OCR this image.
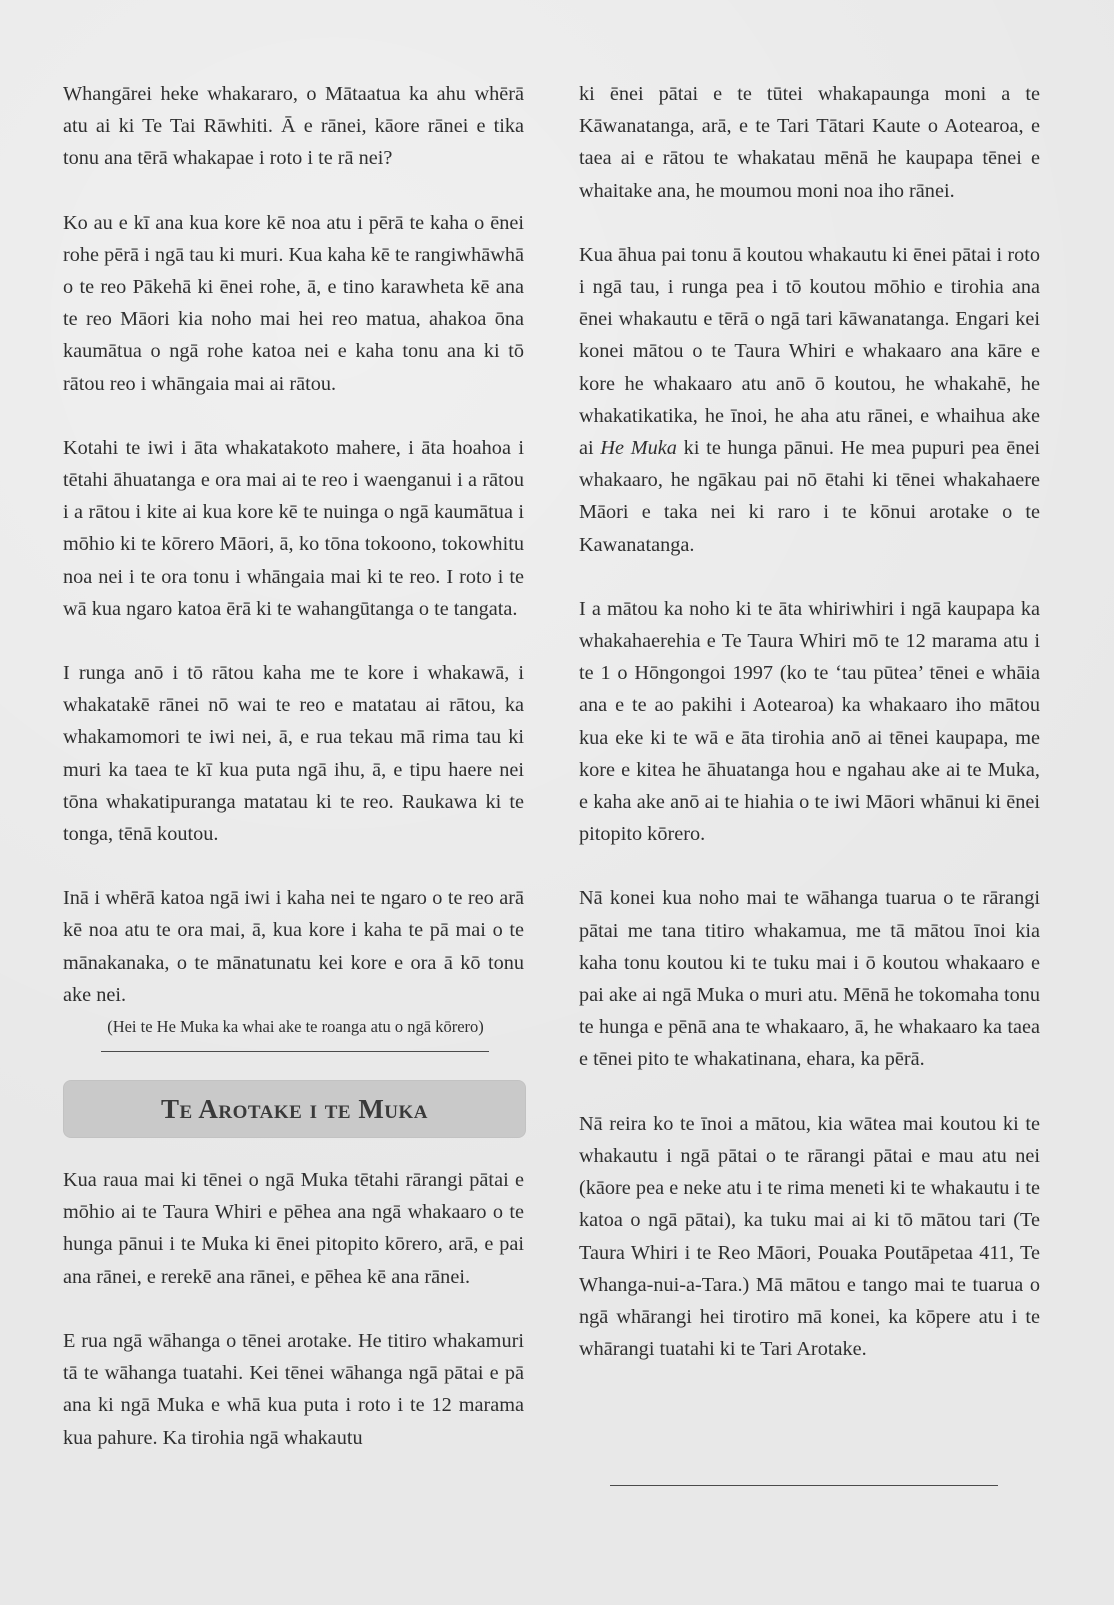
Whangārei heke whakararo, o Mātaatua ka ahu whērā atu ai ki Te Tai Rāwhiti. Ā e rānei, kāore rānei e tika tonu ana tērā whakapae i roto i te rā nei?

Ko au e kī ana kua kore kē noa atu i pērā te kaha o ēnei rohe pērā i ngā tau ki muri. Kua kaha kē te rangiwhāwhā o te reo Pākehā ki ēnei rohe, ā, e tino karawheta kē ana te reo Māori kia noho mai hei reo matua, ahakoa ōna kaumātua o ngā rohe katoa nei e kaha tonu ana ki tō rātou reo i whāngaia mai ai rātou.

Kotahi te iwi i āta whakatakoto mahere, i āta hoahoa i tētahi āhuatanga e ora mai ai te reo i waenganui i a rātou i a rātou i kite ai kua kore kē te nuinga o ngā kaumātua i mōhio ki te kōrero Māori, ā, ko tōna tokoono, tokowhitu noa nei i te ora tonu i whāngaia mai ki te reo. I roto i te wā kua ngaro katoa ērā ki te wahangūtanga o te tangata.

I runga anō i tō rātou kaha me te kore i whakawā, i whakatakē rānei nō wai te reo e matatau ai rātou, ka whakamomori te iwi nei, ā, e rua tekau mā rima tau ki muri ka taea te kī kua puta ngā ihu, ā, e tipu haere nei tōna whakatipuranga matatau ki te reo. Raukawa ki te tonga, tēnā koutou.

Inā i whērā katoa ngā iwi i kaha nei te ngaro o te reo arā kē noa atu te ora mai, ā, kua kore i kaha te pā mai o te mānakanaka, o te mānatunatu kei kore e ora ā kō tonu ake nei.

(Hei te He Muka ka whai ake te roanga atu o ngā kōrero)

Te Arotake i te Muka

Kua raua mai ki tēnei o ngā Muka tētahi rārangi pātai e mōhio ai te Taura Whiri e pēhea ana ngā whakaaro o te hunga pānui i te Muka ki ēnei pitopito kōrero, arā, e pai ana rānei, e rerekē ana rānei, e pēhea kē ana rānei.

E rua ngā wāhanga o tēnei arotake. He titiro whakamuri tā te wāhanga tuatahi. Kei tēnei wāhanga ngā pātai e pā ana ki ngā Muka e whā kua puta i roto i te 12 marama kua pahure. Ka tirohia ngā whakautu

ki ēnei pātai e te tūtei whakapaunga moni a te Kāwanatanga, arā, e te Tari Tātari Kaute o Aotearoa, e taea ai e rātou te whakatau mēnā he kaupapa tēnei e whaitake ana, he moumou moni noa iho rānei.

Kua āhua pai tonu ā koutou whakautu ki ēnei pātai i roto i ngā tau, i runga pea i tō koutou mōhio e tirohia ana ēnei whakautu e tērā o ngā tari kāwanatanga. Engari kei konei mātou o te Taura Whiri e whakaaro ana kāre e kore he whakaaro atu anō ō koutou, he whakahē, he whakatikatika, he īnoi, he aha atu rānei, e whaihua ake ai He Muka ki te hunga pānui. He mea pupuri pea ēnei whakaaro, he ngākau pai nō ētahi ki tēnei whakahaere Māori e taka nei ki raro i te kōnui arotake o te Kawanatanga.

I a mātou ka noho ki te āta whiriwhiri i ngā kaupapa ka whakahaerehia e Te Taura Whiri mō te 12 marama atu i te 1 o Hōngongoi 1997 (ko te ‘tau pūtea’ tēnei e whāia ana e te ao pakihi i Aotearoa) ka whakaaro iho mātou kua eke ki te wā e āta tirohia anō ai tēnei kaupapa, me kore e kitea he āhuatanga hou e ngahau ake ai te Muka, e kaha ake anō ai te hiahia o te iwi Māori whānui ki ēnei pitopito kōrero.

Nā konei kua noho mai te wāhanga tuarua o te rārangi pātai me tana titiro whakamua, me tā mātou īnoi kia kaha tonu koutou ki te tuku mai i ō koutou whakaaro e pai ake ai ngā Muka o muri atu. Mēnā he tokomaha tonu te hunga e pēnā ana te whakaaro, ā, he whakaaro ka taea e tēnei pito te whakatinana, ehara, ka pērā.

Nā reira ko te īnoi a mātou, kia wātea mai koutou ki te whakautu i ngā pātai o te rārangi pātai e mau atu nei (kāore pea e neke atu i te rima meneti ki te whakautu i te katoa o ngā pātai), ka tuku mai ai ki tō mātou tari (Te Taura Whiri i te Reo Māori, Pouaka Poutāpetaa 411, Te Whanga-nui-a-Tara.) Mā mātou e tango mai te tuarua o ngā whārangi hei tirotiro mā konei, ka kōpere atu i te whārangi tuatahi ki te Tari Arotake.
